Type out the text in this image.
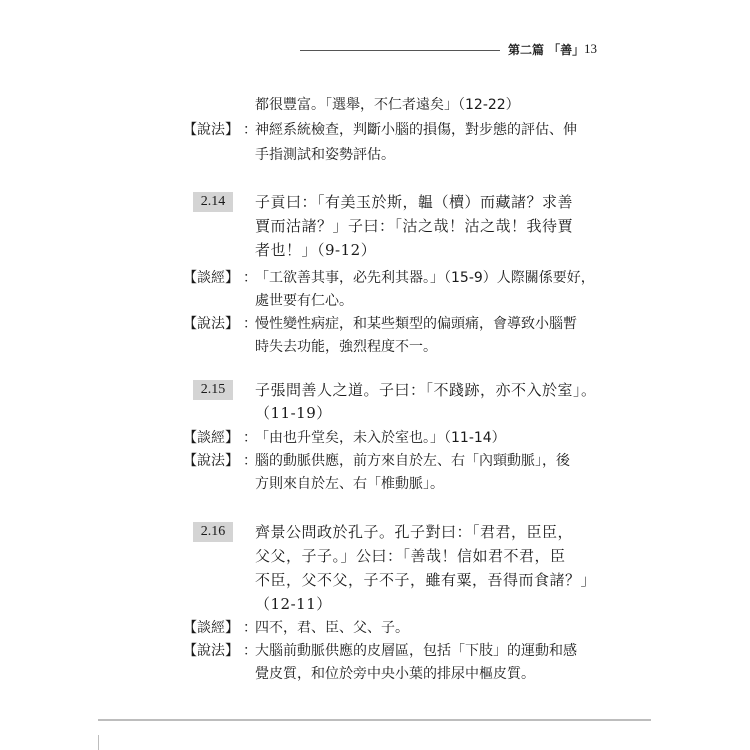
第二篇 「善」 13
都很豐富。「選舉，不仁者遠矣」（12-22）
【說法】 ：
神經系統檢查，判斷小腦的損傷，對步態的評估、伸
手指測試和姿勢評估。
2.14	子貢曰：「有美玉於斯，韞（櫝）而藏諸？求善
賈而沽諸？」子曰：「沽之哉！沽之哉！我待賈
者也！」（9-12）
【談經】 ：
「工欲善其事，必先利其器。」（15-9）人際關係要好，
處世要有仁心。
【說法】 ：
慢性變性病症，和某些類型的偏頭痛，會導致小腦暫
時失去功能，強烈程度不一。
2.15	子張問善人之道。子曰：「不踐跡，亦不入於室」。
（11-19）
【談經】 ：
「由也升堂矣，未入於室也。」（11-14）
【說法】 ：
腦的動脈供應，前方來自於左、右「內頸動脈」，後
方則來自於左、右「椎動脈」。
2.16	齊景公問政於孔子。孔子對曰：「君君，臣臣，
父父，子子。」公曰：「善哉！信如君不君，臣
不臣，父不父，子不子，雖有粟，吾得而食諸？」
（12-11）
【談經】 ：
四不，君、臣、父、子。
【說法】 ：
大腦前動脈供應的皮層區，包括「下肢」的運動和感
覺皮質，和位於旁中央小葉的排尿中樞皮質。
